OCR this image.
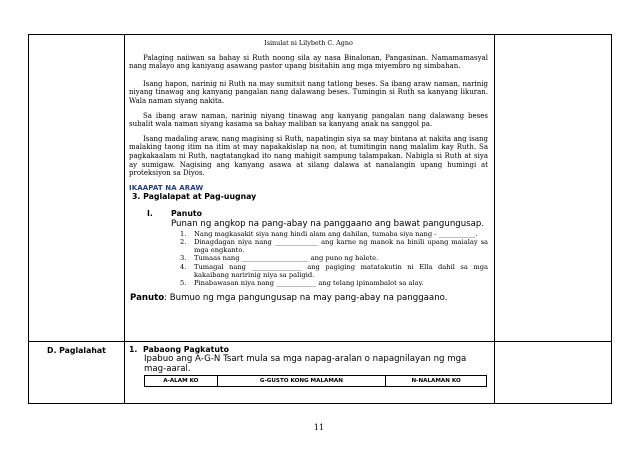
Isinulat ni Lilybeth C. Agno

Palaging naiiwan sa bahay si Ruth noong sila ay nasa Binalonan, Pangasinan. Namamamasyal nang malayo ang kaniyang asawang pastor upang bisitahin ang mga miyembro ng simbahan.

Isang hapon, narinig ni Ruth na may sumitsit nang tatlong beses. Sa ibang araw naman, narinig niyang tinawag ang kanyang pangalan nang dalawang beses. Tumingin si Ruth sa kanyang likuran. Wala naman siyang nakita.

Sa ibang araw naman, narinig niyang tinawag ang kanyang pangalan nang dalawang beses subalit wala naman siyang kasama sa bahay maliban sa kanyang anak na sanggol pa.

Isang madaling araw, nang magising si Ruth, napatingin siya sa may bintana at nakita ang isang malaking taong itim na itim at may napakakislap na noo, at tumitingin nang malalim kay Ruth. Sa pagkakaalam ni Ruth, nagtatangkad ito nang mahigit sampung talampakan. Nabigla si Ruth at siya ay sumigaw. Nagising ang kanyang asawa at silang dalawa at nanalangin upang humingi at proteksiyon sa Diyos.

IKAAPAT NA ARAW
3. Paglalapat at Pag-uugnay
I.	Panuto
Punan ng angkop na pang-abay na panggaano ang bawat pangungusap.
1.	Nang magkasakit siya nang hindi alam ang dahilan, tumaba siya nang - ___________.
2.	Dinagdagan niya nang _____________ ang karne ng manok na binili upang maialay sa mga engkanto.
3.	Tumaas nang ____________________ ang puno ng balete.
4.	Tumagal nang _______________ ang pagiging matatakutin ni Ella dahil sa mga kakaibang naririnig niya sa paligid.
5.	Pinabawasan niya nang ____________ ang telang ipinambalot sa alay.
Panuto: Bumuo ng mga pangungusap na may pang-abay na panggaano.

D. Paglalahat	1. Pabaong Pagkatuto
Ipabuo ang A-G-N Tsart mula sa mga napag-aralan o napagnilayan ng mga mag-aaral.
A-ALAM KO	G-GUSTO KONG MALAMAN	N-NALAMAN KO

11
